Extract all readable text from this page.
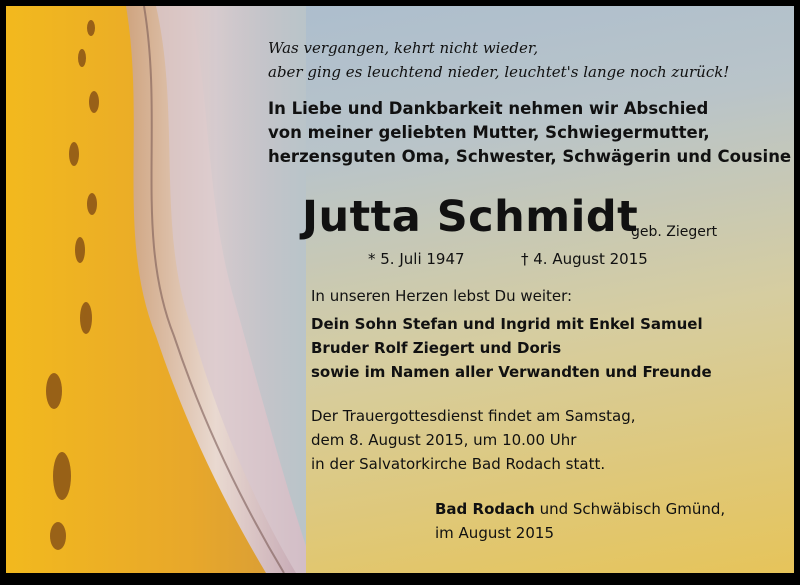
Was vergangen, kehrt nicht wieder,
aber ging es leuchtend nieder, leuchtet's lange noch zurück!
In Liebe und Dankbarkeit nehmen wir Abschied
von meiner geliebten Mutter, Schwiegermutter,
herzensguten Oma, Schwester, Schwägerin und Cousine
Jutta Schmidt
geb. Ziegert
* 5. Juli 1947	† 4. August 2015
In unseren Herzen lebst Du weiter:
Dein Sohn Stefan und Ingrid mit Enkel Samuel
Bruder Rolf Ziegert und Doris
sowie im Namen aller Verwandten und Freunde
Der Trauergottesdienst findet am Samstag,
dem 8. August 2015, um 10.00 Uhr
in der Salvatorkirche Bad Rodach statt.
Bad Rodach und Schwäbisch Gmünd,
im August 2015
